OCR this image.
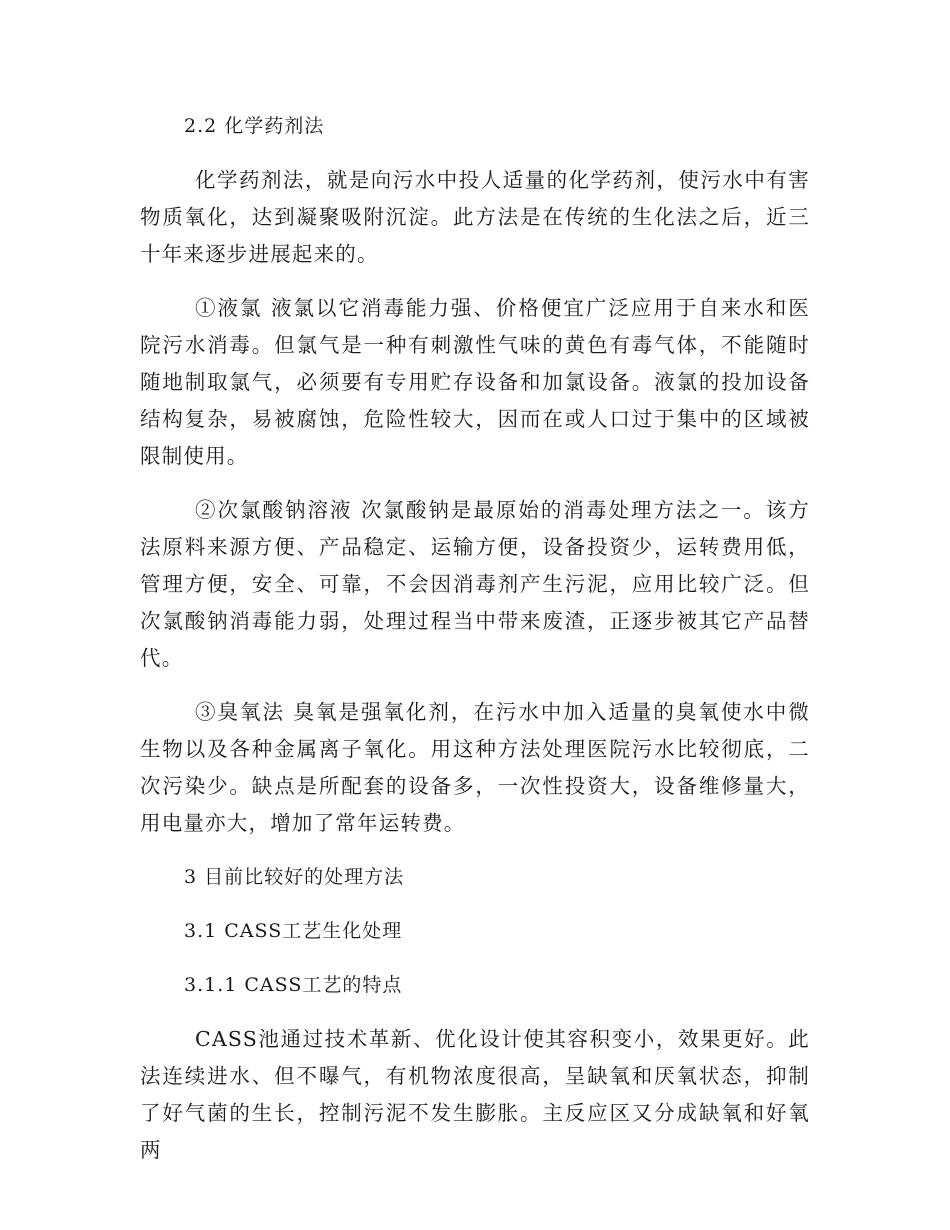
2.2 化学药剂法

化学药剂法，就是向污水中投人适量的化学药剂，使污水中有害物质氧化，达到凝聚吸附沉淀。此方法是在传统的生化法之后，近三十年来逐步进展起来的。

①液氯 液氯以它消毒能力强、价格便宜广泛应用于自来水和医院污水消毒。但氯气是一种有刺激性气味的黄色有毒气体，不能随时随地制取氯气，必须要有专用贮存设备和加氯设备。液氯的投加设备结构复杂，易被腐蚀，危险性较大，因而在或人口过于集中的区域被限制使用。

②次氯酸钠溶液 次氯酸钠是最原始的消毒处理方法之一。该方法原料来源方便、产品稳定、运输方便，设备投资少，运转费用低，管理方便，安全、可靠，不会因消毒剂产生污泥，应用比较广泛。但次氯酸钠消毒能力弱，处理过程当中带来废渣，正逐步被其它产品替代。

③臭氧法 臭氧是强氧化剂，在污水中加入适量的臭氧使水中微生物以及各种金属离子氧化。用这种方法处理医院污水比较彻底，二次污染少。缺点是所配套的设备多，一次性投资大，设备维修量大，用电量亦大，增加了常年运转费。

3 目前比较好的处理方法
3.1 CASS工艺生化处理
3.1.1 CASS工艺的特点

CASS池通过技术革新、优化设计使其容积变小，效果更好。此法连续进水、但不曝气，有机物浓度很高，呈缺氧和厌氧状态，抑制了好气菌的生长，控制污泥不发生膨胀。主反应区又分成缺氧和好氧两
